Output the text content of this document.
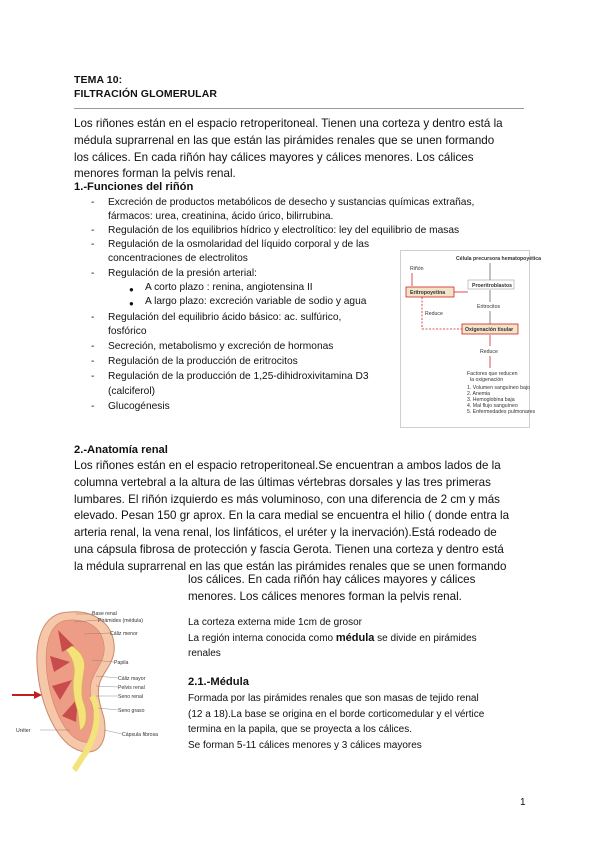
TEMA 10:
FILTRACIÓN GLOMERULAR
Los riñones están en el espacio retroperitoneal. Tienen una corteza y dentro está la
médula suprarrenal en las que están las pirámides renales que se unen formando
los cálices. En cada riñón hay cálices mayores y cálices menores. Los cálices
menores forman la pelvis renal.
1.-Funciones del riñón
- Excreción de productos metabólicos de desecho y sustancias químicas extrañas,
fármacos: urea, creatinina, ácido úrico, bilirrubina.
- Regulación de los equilibrios hídrico y electrolítico: ley del equilibrio de masas
- Regulación de la osmolaridad del líquido corporal y de las
concentraciones de electrolitos
- Regulación de la presión arterial:
● A corto plazo : renina, angiotensina II
● A largo plazo: excreción variable de sodio y agua
- Regulación del equilibrio ácido básico: ac. sulfúrico,
fosfórico
- Secreción, metabolismo y excreción de hormonas
- Regulación de la producción de eritrocitos
- Regulación de la producción de 1,25-dihidroxivitamina D3
(calciferol)
- Glucogénesis
Célula precursora hematopoyética
Riñón
Eritropoyetina
Proeritroblastos
Eritrocitos
Reduce
Oxigenación tisular
Reduce
Factores que reducen
la oxigenación
1. Volumen sanguíneo bajo
2. Anemia
3. Hemoglobina baja
4. Mal flujo sanguíneo
5. Enfermedades pulmonares
2.-Anatomía renal
Los riñones están en el espacio retroperitoneal.Se encuentran a ambos lados de la
columna vertebral a la altura de las últimas vértebras dorsales y las tres primeras
lumbares. El riñón izquierdo es más voluminoso, con una diferencia de 2 cm y más
elevado. Pesan 150 gr aprox. En la cara medial se encuentra el hilio ( donde entra la
arteria renal, la vena renal, los linfáticos, el uréter y la inervación).Está rodeado de
una cápsula fibrosa de protección y fascia Gerota. Tienen una corteza y dentro está
la médula suprarrenal en las que están las pirámides renales que se unen formando
los cálices. En cada riñón hay cálices mayores y cálices
menores. Los cálices menores forman la pelvis renal.
La corteza externa mide 1cm de grosor
La región interna conocida como médula se divide en pirámides
renales
2.1.-Médula
Formada por las pirámides renales que son masas de tejido renal
(12 a 18).La base se origina en el borde corticomedular y el vértice
termina en la papila, que se proyecta a los cálices.
Se forman 5-11 cálices menores y 3 cálices mayores
Base renal
Pirámides (médula)
Cáliz menor
Papila
Cáliz mayor
Pelvis renal
Seno renal
Seno graso
Cápsula fibrosa
Uréter
1
